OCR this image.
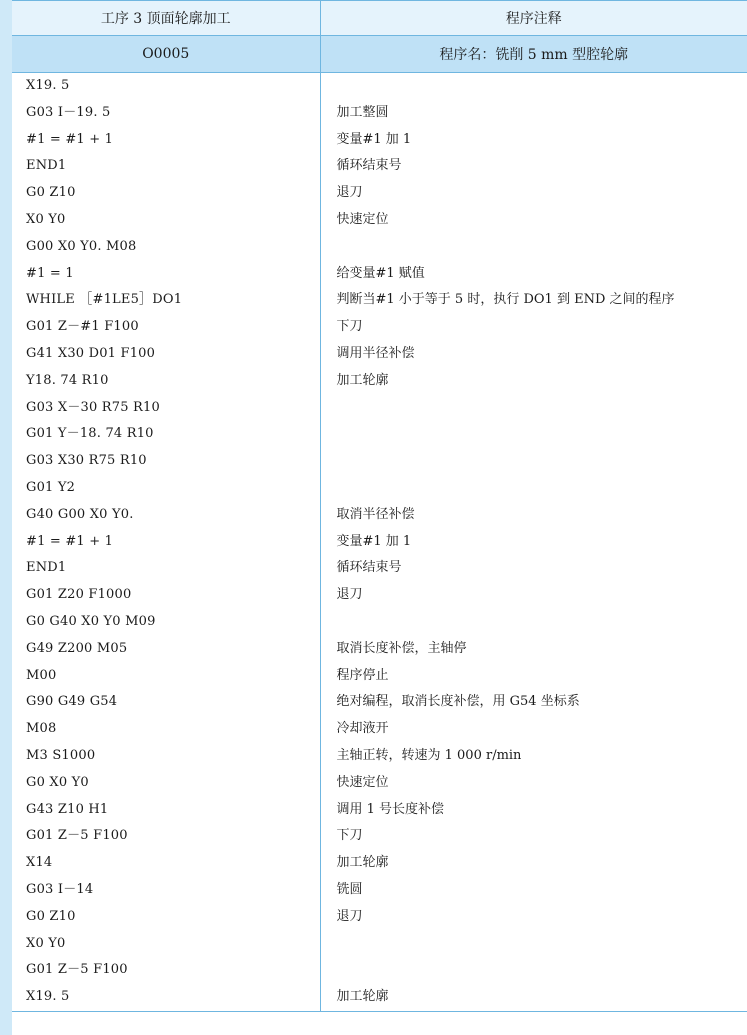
工序 3 顶面轮廓加工	程序注释
O0005	程序名：铣削 5 mm 型腔轮廓
X19. 5	
G03 I－19. 5	加工整圆
#1 = #1 + 1	变量#1 加 1
END1	循环结束号
G0 Z10	退刀
X0 Y0	快速定位
G00 X0 Y0. M08	
#1 = 1	给变量#1 赋值
WHILE ［#1LE5］DO1	判断当#1 小于等于 5 时，执行 DO1 到 END 之间的程序
G01 Z－#1 F100	下刀
G41 X30 D01 F100	调用半径补偿
Y18. 74 R10	加工轮廓
G03 X－30 R75 R10	
G01 Y－18. 74 R10	
G03 X30 R75 R10	
G01 Y2	
G40 G00 X0 Y0.	取消半径补偿
#1 = #1 + 1	变量#1 加 1
END1	循环结束号
G01 Z20 F1000	退刀
G0 G40 X0 Y0 M09	
G49 Z200 M05	取消长度补偿，主轴停
M00	程序停止
G90 G49 G54	绝对编程，取消长度补偿，用 G54 坐标系
M08	冷却液开
M3 S1000	主轴正转，转速为 1 000 r/min
G0 X0 Y0	快速定位
G43 Z10 H1	调用 1 号长度补偿
G01 Z－5 F100	下刀
X14	加工轮廓
G03 I－14	铣圆
G0 Z10	退刀
X0 Y0	
G01 Z－5 F100	
X19. 5	加工轮廓
